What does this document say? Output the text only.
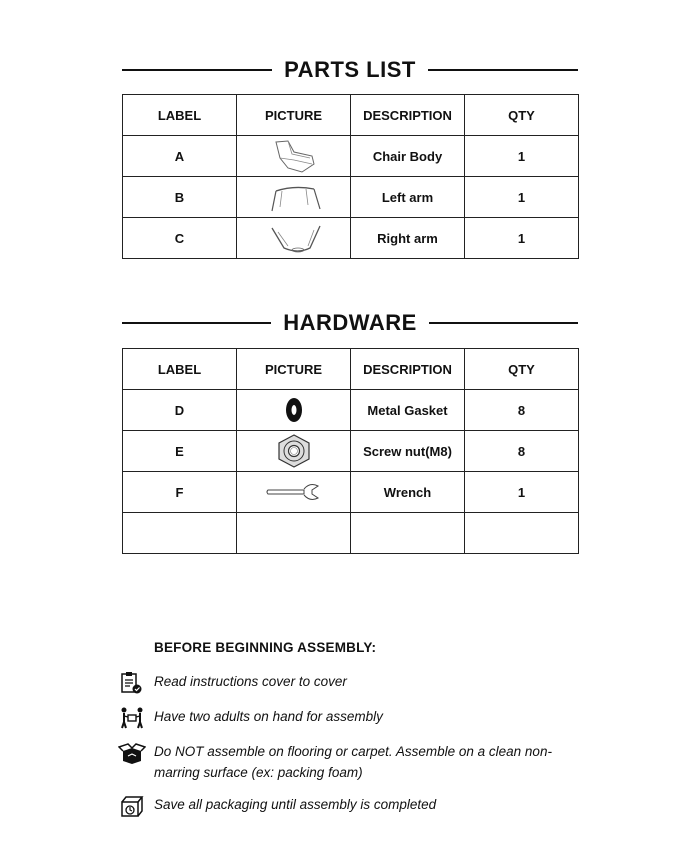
PARTS LIST
LABEL	PICTURE	DESCRIPTION	QTY
A		Chair Body	1
B		Left arm	1
C		Right arm	1
HARDWARE
LABEL	PICTURE	DESCRIPTION	QTY
D		Metal Gasket	8
E		Screw nut(M8)	8
F		Wrench	1

BEFORE BEGINNING ASSEMBLY:
Read instructions cover to cover
Have two adults on hand for assembly
Do NOT assemble on flooring or carpet. Assemble on a clean non-marring surface (ex: packing foam)
Save all packaging until assembly is completed
